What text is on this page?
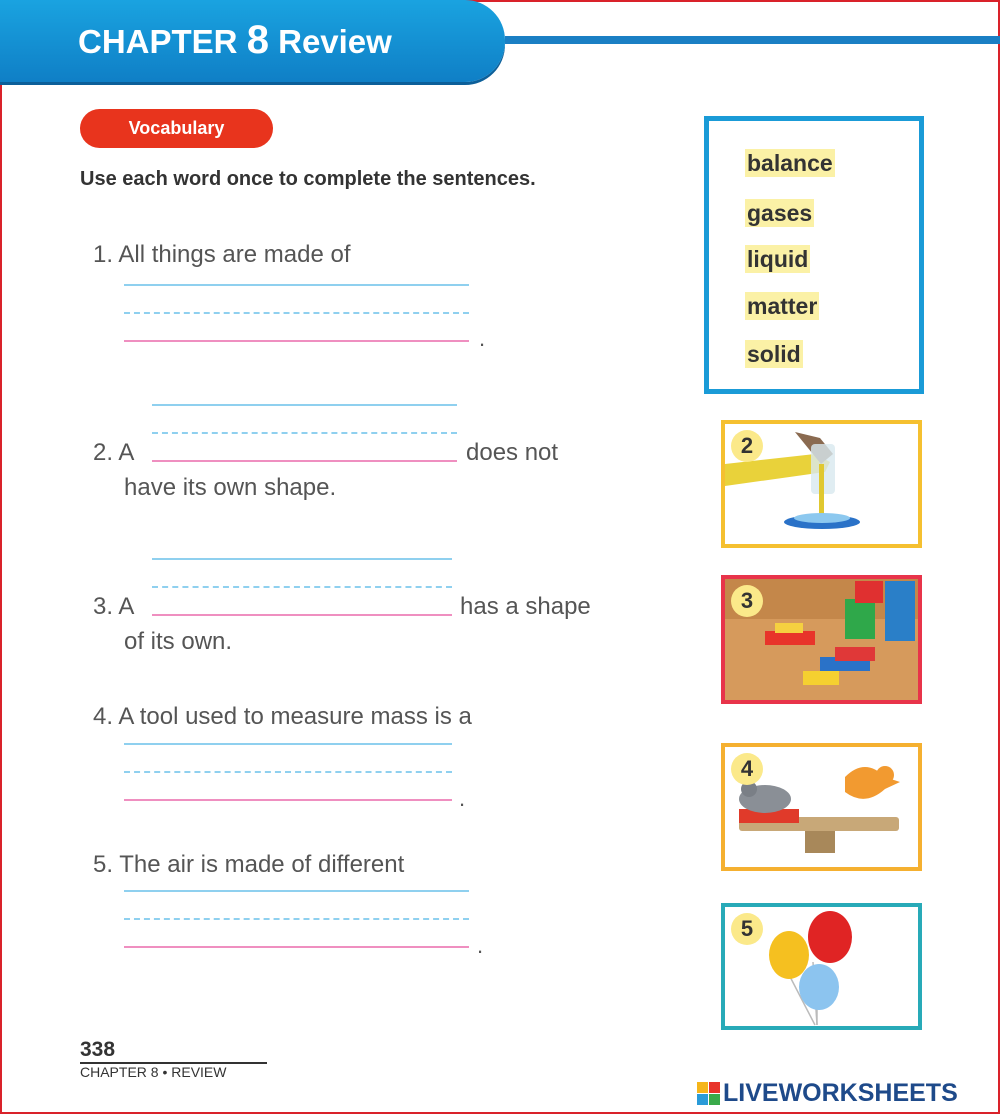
CHAPTER 8 Review
Vocabulary
Use each word once to complete the sentences.
balance
gases
liquid
matter
solid
1. All things are made of
.
2. A	does not
have its own shape.
3. A	has a shape
of its own.
4. A tool used to measure mass is a
.
5. The air is made of different
.
2
3
4
5
338
CHAPTER 8 • REVIEW
LIVEWORKSHEETS
